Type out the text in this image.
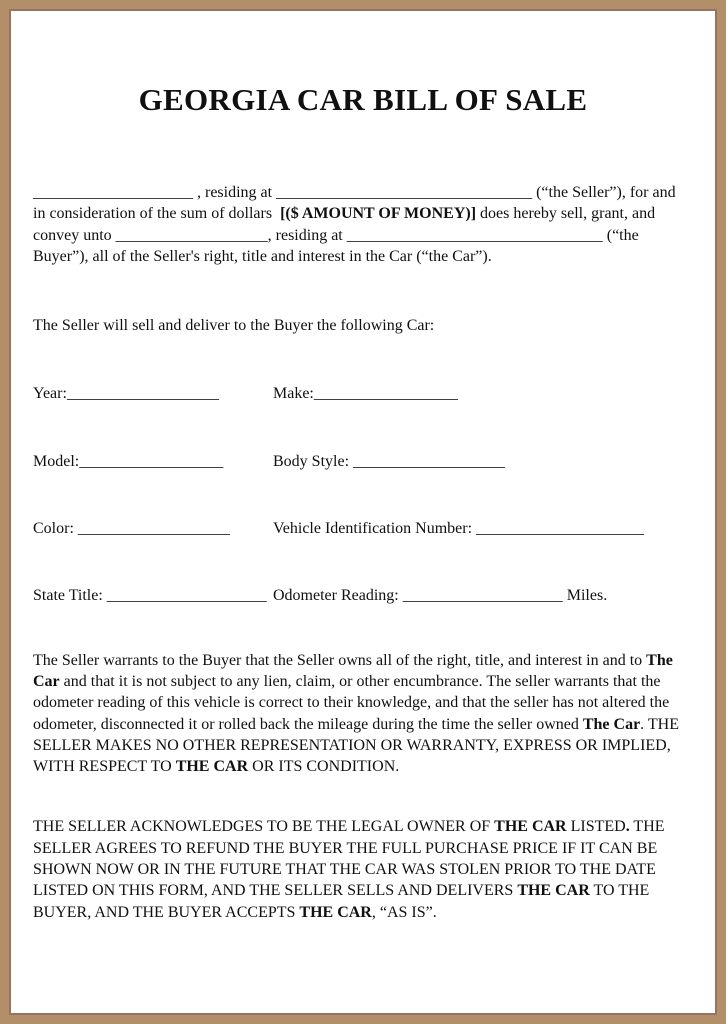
GEORGIA CAR BILL OF SALE
____________________ , residing at ________________________________ (“the Seller”), for and
in consideration of the sum of dollars  [($ AMOUNT OF MONEY)] does hereby sell, grant, and
convey unto ___________________, residing at ________________________________ (“the
Buyer”), all of the Seller's right, title and interest in the Car (“the Car”).
The Seller will sell and deliver to the Buyer the following Car:
Year:___________________	Make:__________________
Model:__________________	Body Style: ___________________
Color: ___________________	Vehicle Identification Number: _____________________
State Title: ____________________ Odometer Reading: ____________________ Miles.
The Seller warrants to the Buyer that the Seller owns all of the right, title, and interest in and to The
Car and that it is not subject to any lien, claim, or other encumbrance. The seller warrants that the
odometer reading of this vehicle is correct to their knowledge, and that the seller has not altered the
odometer, disconnected it or rolled back the mileage during the time the seller owned The Car. THE
SELLER MAKES NO OTHER REPRESENTATION OR WARRANTY, EXPRESS OR IMPLIED,
WITH RESPECT TO THE CAR OR ITS CONDITION.
THE SELLER ACKNOWLEDGES TO BE THE LEGAL OWNER OF THE CAR LISTED. THE
SELLER AGREES TO REFUND THE BUYER THE FULL PURCHASE PRICE IF IT CAN BE
SHOWN NOW OR IN THE FUTURE THAT THE CAR WAS STOLEN PRIOR TO THE DATE
LISTED ON THIS FORM, AND THE SELLER SELLS AND DELIVERS THE CAR TO THE
BUYER, AND THE BUYER ACCEPTS THE CAR, “AS IS”.
